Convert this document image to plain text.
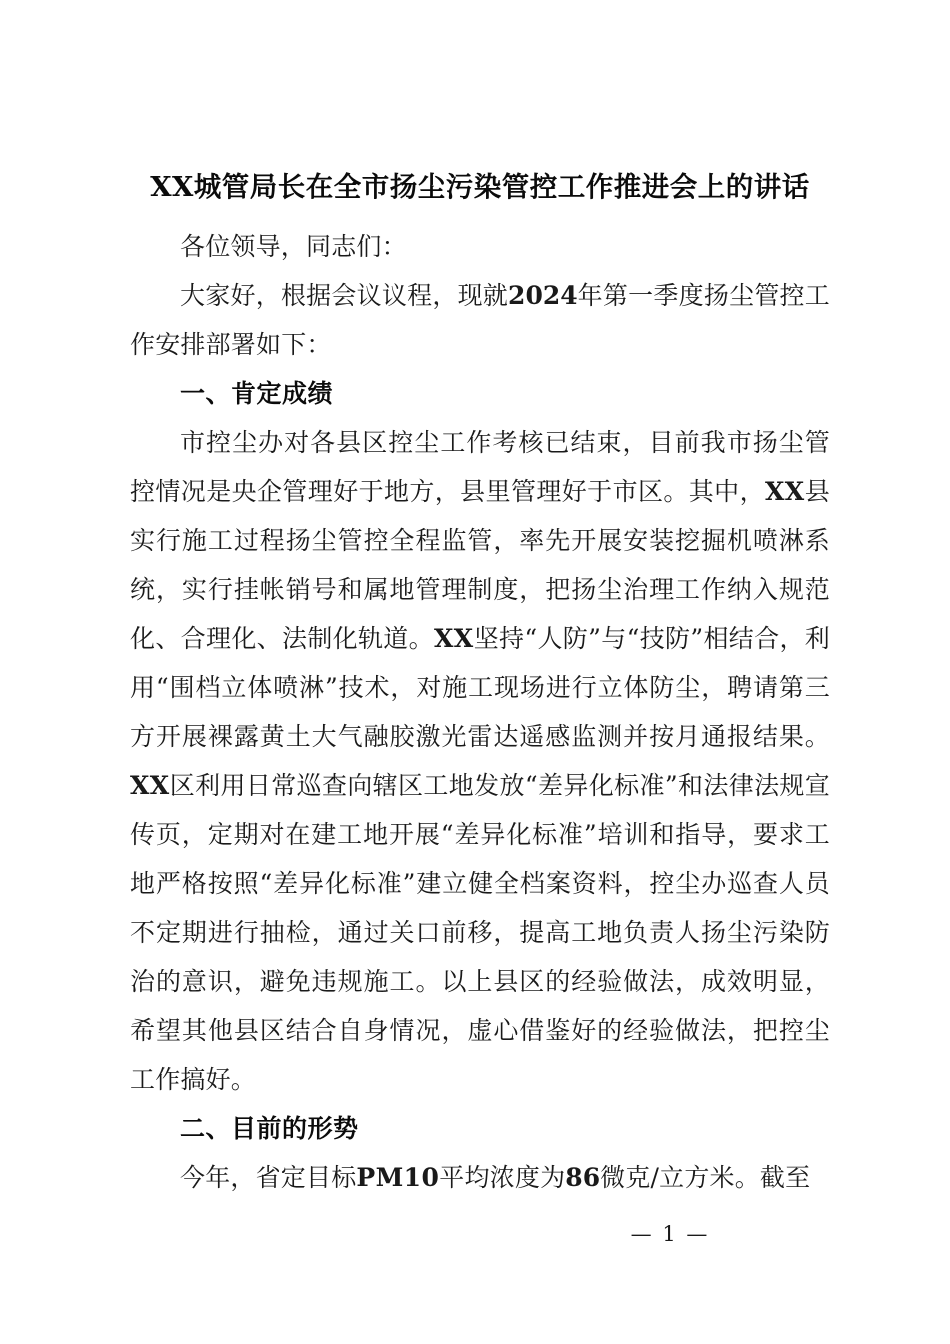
XX城管局长在全市扬尘污染管控工作推进会上的讲话

各位领导，同志们：

大家好，根据会议议程，现就2024年第一季度扬尘管控工作安排部署如下：

一、肯定成绩

市控尘办对各县区控尘工作考核已结束，目前我市扬尘管控情况是央企管理好于地方，县里管理好于市区。其中，XX县实行施工过程扬尘管控全程监管，率先开展安装挖掘机喷淋系统，实行挂帐销号和属地管理制度，把扬尘治理工作纳入规范化、合理化、法制化轨道。XX坚持“人防”与“技防”相结合，利用“围档立体喷淋”技术，对施工现场进行立体防尘，聘请第三方开展裸露黄土大气融胶激光雷达遥感监测并按月通报结果。XX区利用日常巡查向辖区工地发放“差异化标准”和法律法规宣传页，定期对在建工地开展“差异化标准”培训和指导，要求工地严格按照“差异化标准”建立健全档案资料，控尘办巡查人员不定期进行抽检，通过关口前移，提高工地负责人扬尘污染防治的意识，避免违规施工。以上县区的经验做法，成效明显，希望其他县区结合自身情况，虚心借鉴好的经验做法，把控尘工作搞好。

二、目前的形势

今年，省定目标PM10平均浓度为86微克/立方米。截至

— 1 —
